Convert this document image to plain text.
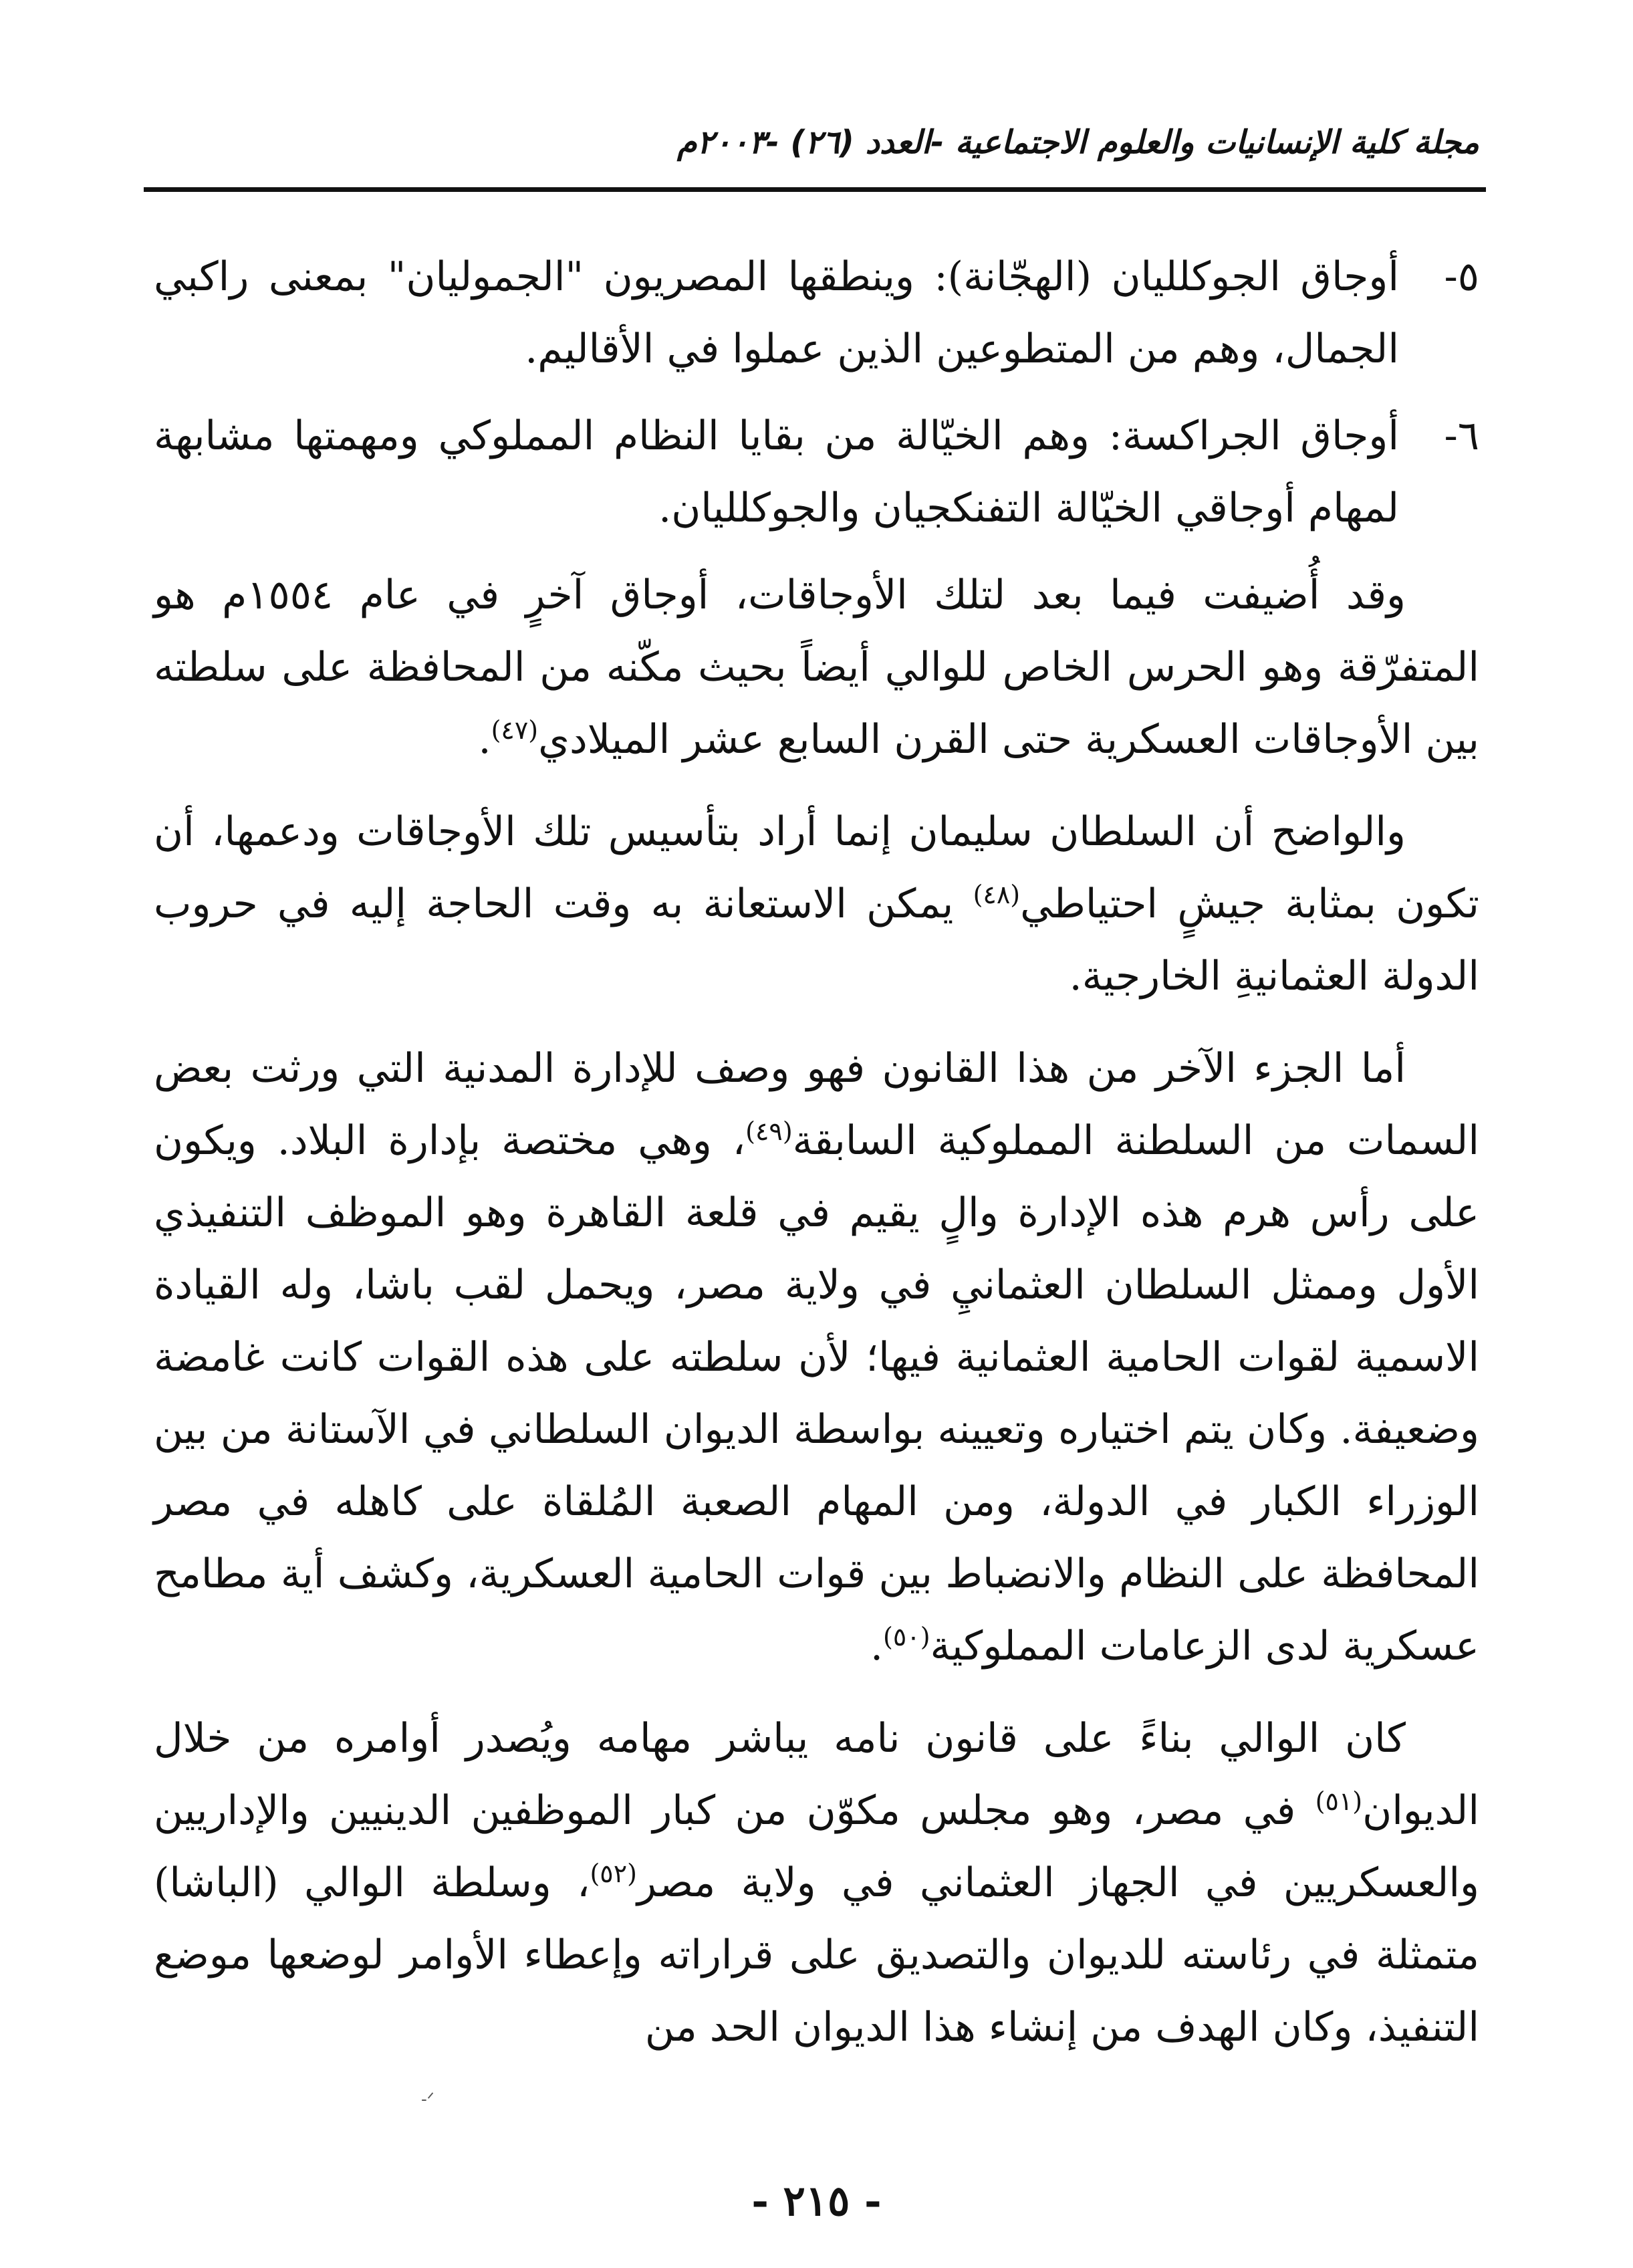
مجلة كلية الإنسانيات والعلوم الاجتماعية -العدد (٢٦) -٢٠٠٣م
٥-
أوجاق الجوكلليان (الهجّانة): وينطقها المصريون "الجموليان" بمعنى راكبي الجمال، وهم من المتطوعين الذين عملوا في الأقاليم.
٦-
أوجاق الجراكسة: وهم الخيّالة من بقايا النظام المملوكي ومهمتها مشابهة لمهام أوجاقي الخيّالة التفنكجيان والجوكلليان.

وقد أُضيفت فيما بعد لتلك الأوجاقات، أوجاق آخرٍ في عام ١٥٥٤م هو المتفرّقة وهو الحرس الخاص للوالي أيضاً بحيث مكّنه من المحافظة على سلطته بين الأوجاقات العسكرية حتى القرن السابع عشر الميلادي$^{(٤٧)}$.

والواضح أن السلطان سليمان إنما أراد بتأسيس تلك الأوجاقات ودعمها، أن تكون بمثابة جيشٍ احتياطي$^{(٤٨)}$ يمكن الاستعانة به وقت الحاجة إليه في حروب الدولة العثمانيةِ الخارجية.

أما الجزء الآخر من هذا القانون فهو وصف للإدارة المدنية التي ورثت بعض السمات من السلطنة المملوكية السابقة$^{(٤٩)}$، وهي مختصة بإدارة البلاد. ويكون على رأس هرم هذه الإدارة والٍ يقيم في قلعة القاهرة وهو الموظف التنفيذي الأول وممثل السلطان العثمانيِ في ولاية مصر، ويحمل لقب باشا، وله القيادة الاسمية لقوات الحامية العثمانية فيها؛ لأن سلطته على هذه القوات كانت غامضة وضعيفة. وكان يتم اختياره وتعيينه بواسطة الديوان السلطاني في الآستانة من بين الوزراء الكبار في الدولة، ومن المهام الصعبة المُلقاة على كاهله في مصر المحافظة على النظام والانضباط بين قوات الحامية العسكرية، وكشف أية مطامح عسكرية لدى الزعامات المملوكية$^{(٥٠)}$.

كان الوالي بناءً على قانون نامه يباشر مهامه ويُصدر أوامره من خلال الديوان$^{(٥١)}$ في مصر، وهو مجلس مكوّن من كبار الموظفين الدينيين والإداريين والعسكريين في الجهاز العثماني في ولاية مصر$^{(٥٢)}$، وسلطة الوالي (الباشا) متمثلة في رئاسته للديوان والتصديق على قراراته وإعطاء الأوامر لوضعها موضع التنفيذ، وكان الهدف من إنشاء هذا الديوان الحد من

ᐟ-
- ٢١٥ -
